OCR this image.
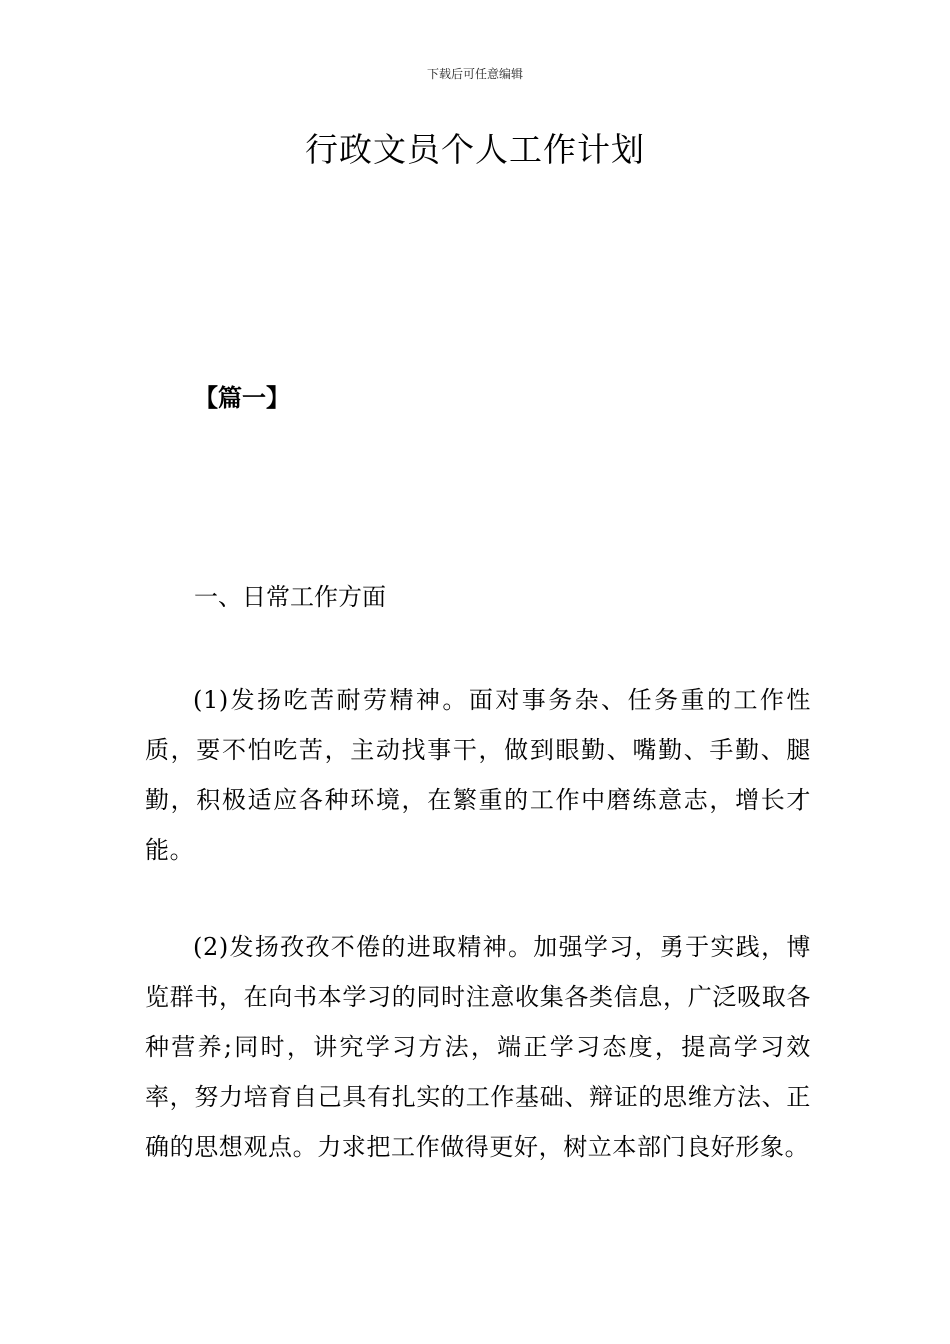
下载后可任意编辑
行政文员个人工作计划

【篇一】

一、日常工作方面

(1)发扬吃苦耐劳精神。面对事务杂、任务重的工作性质，要不怕吃苦，主动找事干，做到眼勤、嘴勤、手勤、腿勤，积极适应各种环境，在繁重的工作中磨练意志，增长才能。

(2)发扬孜孜不倦的进取精神。加强学习，勇于实践，博览群书，在向书本学习的同时注意收集各类信息，广泛吸取各种营养;同时，讲究学习方法，端正学习态度，提高学习效率，努力培育自己具有扎实的工作基础、辩证的思维方法、正确的思想观点。力求把工作做得更好，树立本部门良好形象。
